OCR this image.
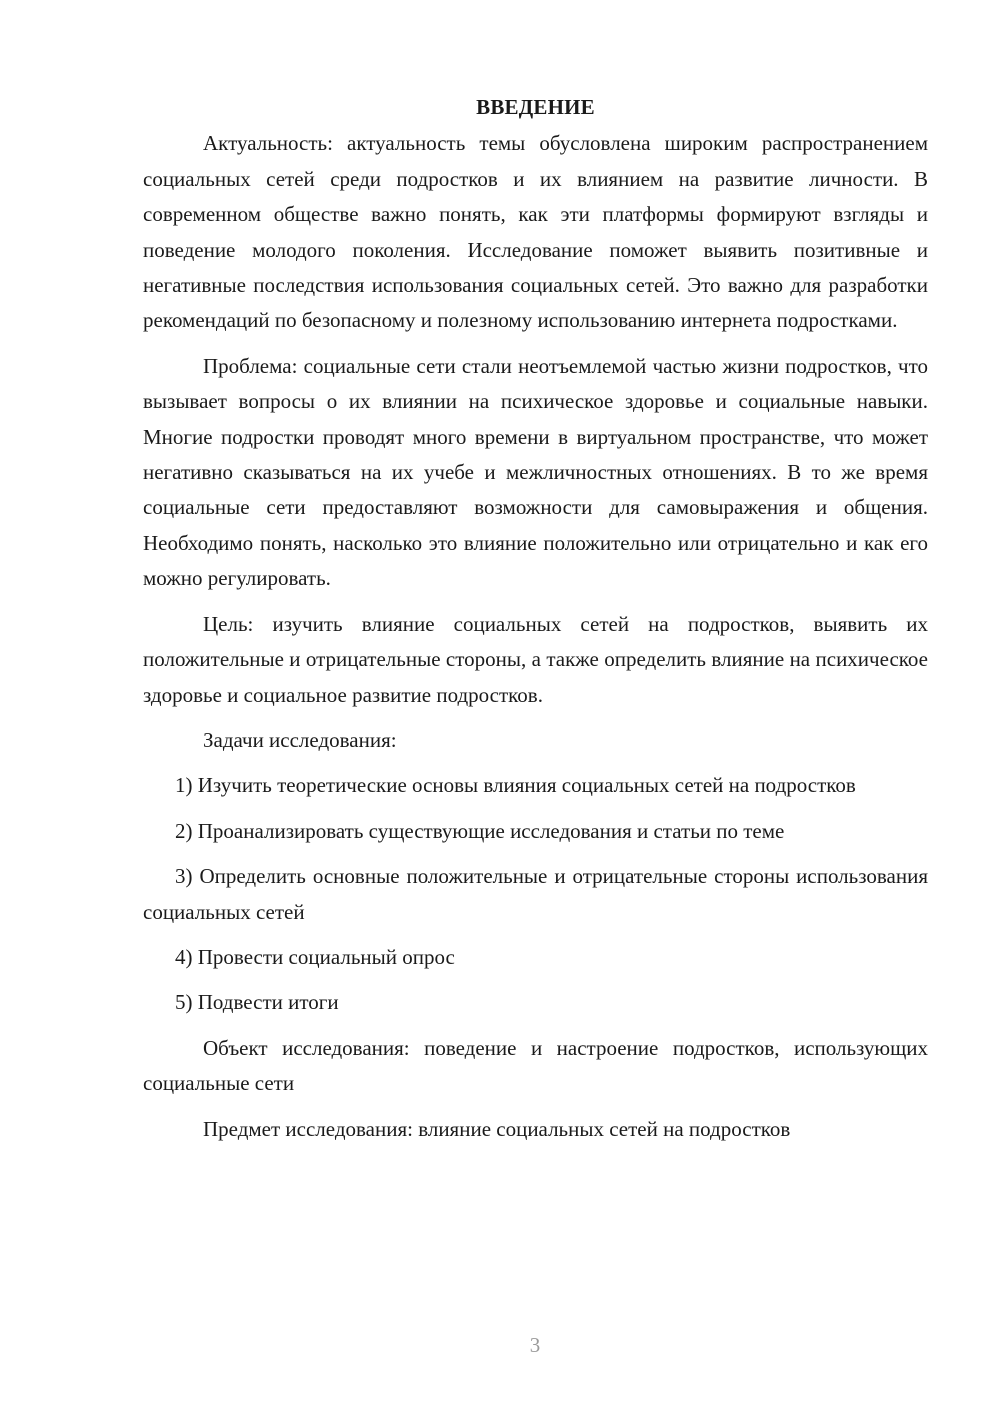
ВВЕДЕНИЕ
Актуальность: актуальность темы обусловлена широким распространением социальных сетей среди подростков и их влиянием на развитие личности. В современном обществе важно понять, как эти платформы формируют взгляды и поведение молодого поколения. Исследование поможет выявить позитивные и негативные последствия использования социальных сетей. Это важно для разработки рекомендаций по безопасному и полезному использованию интернета подростками.
Проблема: социальные сети стали неотъемлемой частью жизни подростков, что вызывает вопросы о их влиянии на психическое здоровье и социальные навыки. Многие подростки проводят много времени в виртуальном пространстве, что может негативно сказываться на их учебе и межличностных отношениях. В то же время социальные сети предоставляют возможности для самовыражения и общения. Необходимо понять, насколько это влияние положительно или отрицательно и как его можно регулировать.
Цель: изучить влияние социальных сетей на подростков, выявить их положительные и отрицательные стороны, а также определить влияние на психическое здоровье и социальное развитие подростков.
Задачи исследования:
1) Изучить теоретические основы влияния социальных сетей на подростков
2) Проанализировать существующие исследования и статьи по теме
3) Определить основные положительные и отрицательные стороны использования социальных сетей
4) Провести социальный опрос
5) Подвести итоги
Объект исследования: поведение и настроение подростков, использующих социальные сети
Предмет исследования: влияние социальных сетей на подростков
3
